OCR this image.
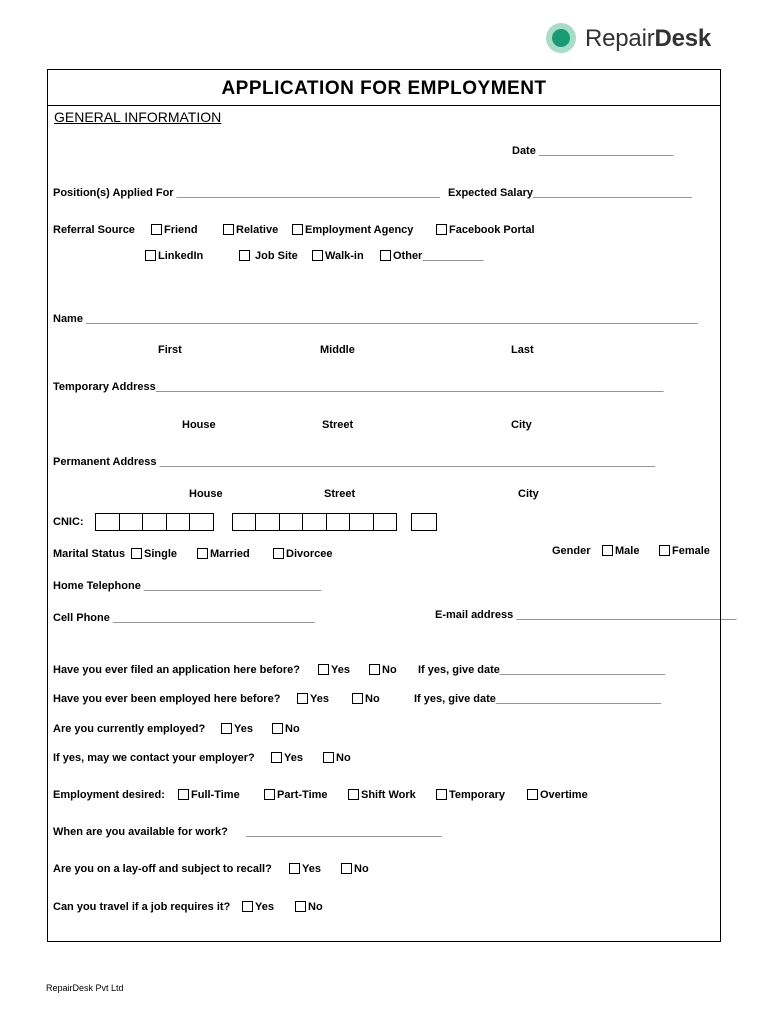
RepairDesk
APPLICATION FOR EMPLOYMENT
GENERAL INFORMATION
Date ______________________
Position(s) Applied For ___________________________________________ Expected Salary__________________________
Referral Source	Friend	Relative	Employment Agency	Facebook Portal
LinkedIn	Job Site	Walk-in	Other__________
Name ____________________________________________________________________________________________________
First	Middle	Last
Temporary Address___________________________________________________________________________________
House	Street	City
Permanent Address _________________________________________________________________________________
House	Street	City
CNIC:
Marital Status	Single	Married	Divorcee	Gender	Male	Female
Home Telephone _____________________________
Cell Phone _________________________________	E-mail address ____________________________________
Have you ever filed an application here before?	Yes	No If yes, give date___________________________
Have you ever been employed here before?	Yes	No	If yes, give date___________________________
Are you currently employed?	Yes	No
If yes, may we contact your employer?	Yes	No
Employment desired:	Full-Time	Part-Time	Shift Work	Temporary	Overtime
When are you available for work? ________________________________
Are you on a lay-off and subject to recall?	Yes	No
Can you travel if a job requires it?	Yes	No
RepairDesk Pvt Ltd
